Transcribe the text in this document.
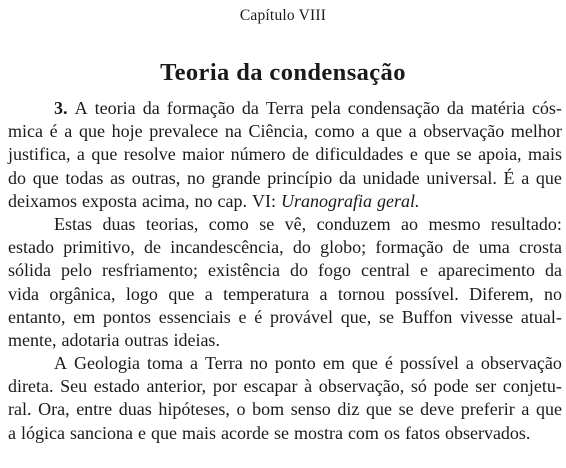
Capítulo VIII
Teoria da condensação
3. A teoria da formação da Terra pela condensação da matéria cós-
mica é a que hoje prevalece na Ciência, como a que a observação melhor
justifica, a que resolve maior número de dificuldades e que se apoia, mais
do que todas as outras, no grande princípio da unidade universal. É a que
deixamos exposta acima, no cap. VI: Uranografia geral.
Estas duas teorias, como se vê, conduzem ao mesmo resultado:
estado primitivo, de incandescência, do globo; formação de uma crosta
sólida pelo resfriamento; existência do fogo central e aparecimento da
vida orgânica, logo que a temperatura a tornou possível. Diferem, no
entanto, em pontos essenciais e é provável que, se Buffon vivesse atual-
mente, adotaria outras ideias.
A Geologia toma a Terra no ponto em que é possível a observação
direta. Seu estado anterior, por escapar à observação, só pode ser conjetu-
ral. Ora, entre duas hipóteses, o bom senso diz que se deve preferir a que
a lógica sanciona e que mais acorde se mostra com os fatos observados.
